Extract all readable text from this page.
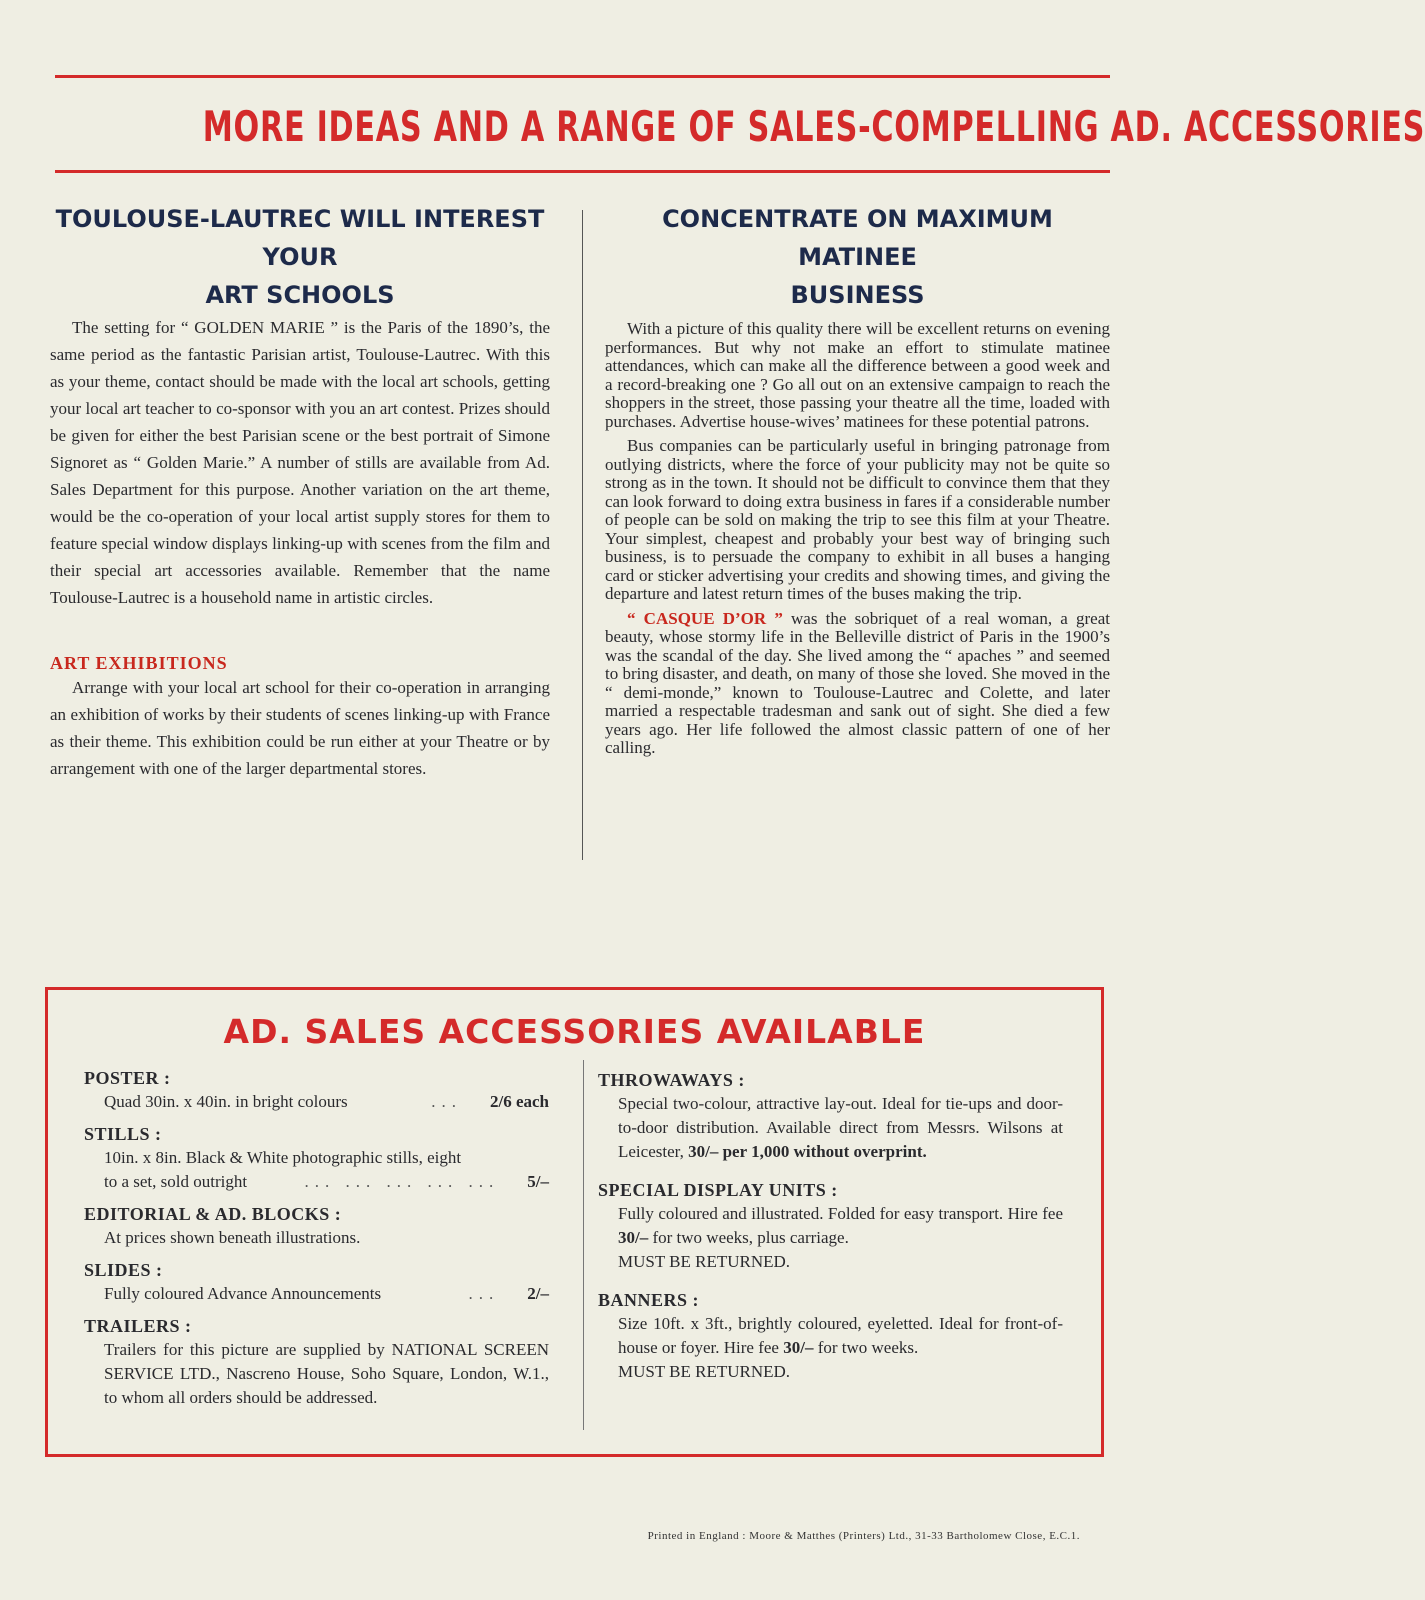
MORE IDEAS AND A RANGE OF SALES-COMPELLING AD. ACCESSORIES
TOULOUSE-LAUTREC WILL INTEREST YOUR
ART SCHOOLS

The setting for “ GOLDEN MARIE ” is the Paris of the 1890’s, the same period as the fantastic Parisian artist, Toulouse-Lautrec. With this as your theme, contact should be made with the local art schools, getting your local art teacher to co-sponsor with you an art contest. Prizes should be given for either the best Parisian scene or the best portrait of Simone Signoret as “ Golden Marie.” A number of stills are available from Ad. Sales Department for this purpose. Another variation on the art theme, would be the co-operation of your local artist supply stores for them to feature special window displays linking-up with scenes from the film and their special art accessories available. Remember that the name Toulouse-Lautrec is a household name in artistic circles.

ART EXHIBITIONS

Arrange with your local art school for their co-operation in arranging an exhibition of works by their students of scenes linking-up with France as their theme. This exhibition could be run either at your Theatre or by arrangement with one of the larger departmental stores.

CONCENTRATE ON MAXIMUM MATINEE
BUSINESS

With a picture of this quality there will be excellent returns on evening performances. But why not make an effort to stimulate matinee attendances, which can make all the difference between a good week and a record-breaking one ? Go all out on an extensive campaign to reach the shoppers in the street, those passing your theatre all the time, loaded with purchases. Advertise house-wives’ matinees for these potential patrons.

Bus companies can be particularly useful in bringing patronage from outlying districts, where the force of your publicity may not be quite so strong as in the town. It should not be difficult to convince them that they can look forward to doing extra business in fares if a considerable number of people can be sold on making the trip to see this film at your Theatre. Your simplest, cheapest and probably your best way of bringing such business, is to persuade the company to exhibit in all buses a hanging card or sticker advertising your credits and showing times, and giving the departure and latest return times of the buses making the trip.

“ CASQUE D’OR ” was the sobriquet of a real woman, a great beauty, whose stormy life in the Belleville district of Paris in the 1900’s was the scandal of the day. She lived among the “ apaches ” and seemed to bring disaster, and death, on many of those she loved. She moved in the “ demi-monde,” known to Toulouse-Lautrec and Colette, and later married a respectable tradesman and sank out of sight. She died a few years ago. Her life followed the almost classic pattern of one of her calling.

AD. SALES ACCESSORIES AVAILABLE
POSTER :
Quad 30in. x 40in. in bright colours	...	2/6 each
STILLS :
10in. x 8in. Black & White photographic stills, eight
to a set, sold outright	... ... ... ... ...	5/–
EDITORIAL & AD. BLOCKS :
At prices shown beneath illustrations.
SLIDES :
Fully coloured Advance Announcements	...	2/–
TRAILERS :
Trailers for this picture are supplied by NATIONAL SCREEN SERVICE LTD., Nascreno House, Soho Square, London, W.1., to whom all orders should be addressed.
THROWAWAYS :
Special two-colour, attractive lay-out. Ideal for tie-ups and door-to-door distribution. Available direct from Messrs. Wilsons at Leicester, 30/– per 1,000 without overprint.
SPECIAL DISPLAY UNITS :
Fully coloured and illustrated. Folded for easy transport. Hire fee 30/– for two weeks, plus carriage.
MUST BE RETURNED.
BANNERS :
Size 10ft. x 3ft., brightly coloured, eyeletted. Ideal for front-of-house or foyer. Hire fee 30/– for two weeks.
MUST BE RETURNED.
Printed in England : Moore & Matthes (Printers) Ltd., 31-33 Bartholomew Close, E.C.1.
